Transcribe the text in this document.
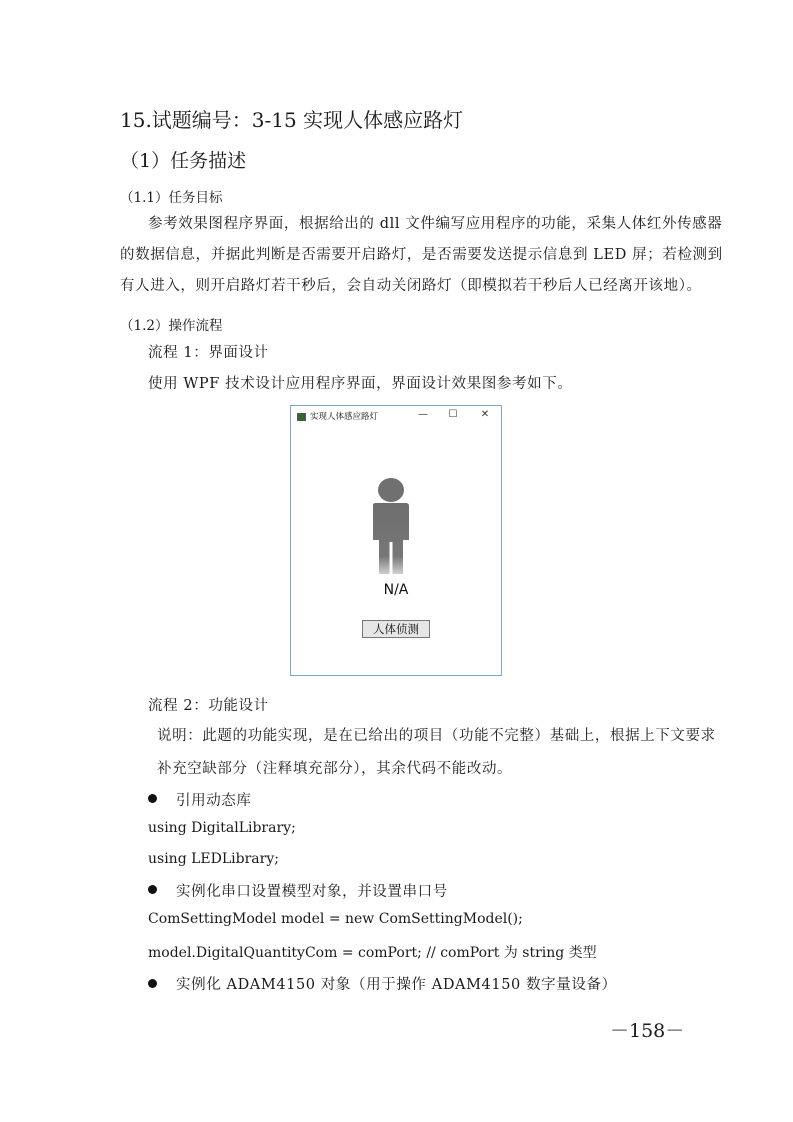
15.试题编号：3-15 实现人体感应路灯
（1）任务描述
（1.1）任务目标
参考效果图程序界面，根据给出的 dll 文件编写应用程序的功能，采集人体红外传感器
的数据信息，并据此判断是否需要开启路灯，是否需要发送提示信息到 LED 屏；若检测到
有人进入，则开启路灯若干秒后，会自动关闭路灯（即模拟若干秒后人已经离开该地）。
（1.2）操作流程
流程 1：界面设计
使用 WPF 技术设计应用程序界面，界面设计效果图参考如下。
实现人体感应路灯	— ☐ ✕
N/A
人体侦测
流程 2：功能设计
说明：此题的功能实现，是在已给出的项目（功能不完整）基础上，根据上下文要求
补充空缺部分（注释填充部分），其余代码不能改动。
引用动态库
using DigitalLibrary;
using LEDLibrary;
实例化串口设置模型对象，并设置串口号
ComSettingModel model = new ComSettingModel();
model.DigitalQuantityCom = comPort; // comPort 为 string 类型
实例化 ADAM4150 对象（用于操作 ADAM4150 数字量设备）
－158－
